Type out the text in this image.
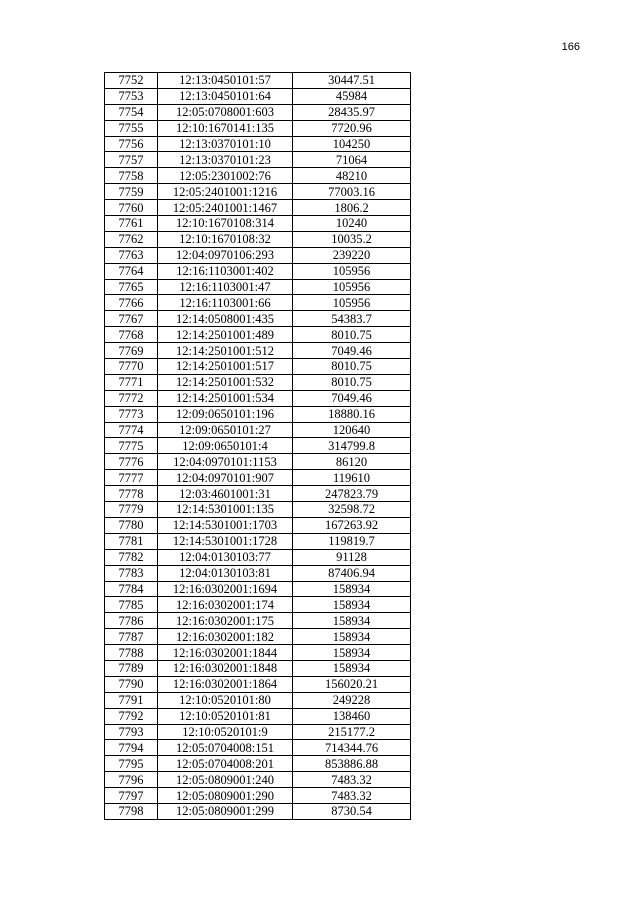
166
7752	12:13:0450101:57	30447.51
7753	12:13:0450101:64	45984
7754	12:05:0708001:603	28435.97
7755	12:10:1670141:135	7720.96
7756	12:13:0370101:10	104250
7757	12:13:0370101:23	71064
7758	12:05:2301002:76	48210
7759	12:05:2401001:1216	77003.16
7760	12:05:2401001:1467	1806.2
7761	12:10:1670108:314	10240
7762	12:10:1670108:32	10035.2
7763	12:04:0970106:293	239220
7764	12:16:1103001:402	105956
7765	12:16:1103001:47	105956
7766	12:16:1103001:66	105956
7767	12:14:0508001:435	54383.7
7768	12:14:2501001:489	8010.75
7769	12:14:2501001:512	7049.46
7770	12:14:2501001:517	8010.75
7771	12:14:2501001:532	8010.75
7772	12:14:2501001:534	7049.46
7773	12:09:0650101:196	18880.16
7774	12:09:0650101:27	120640
7775	12:09:0650101:4	314799.8
7776	12:04:0970101:1153	86120
7777	12:04:0970101:907	119610
7778	12:03:4601001:31	247823.79
7779	12:14:5301001:135	32598.72
7780	12:14:5301001:1703	167263.92
7781	12:14:5301001:1728	119819.7
7782	12:04:0130103:77	91128
7783	12:04:0130103:81	87406.94
7784	12:16:0302001:1694	158934
7785	12:16:0302001:174	158934
7786	12:16:0302001:175	158934
7787	12:16:0302001:182	158934
7788	12:16:0302001:1844	158934
7789	12:16:0302001:1848	158934
7790	12:16:0302001:1864	156020.21
7791	12:10:0520101:80	249228
7792	12:10:0520101:81	138460
7793	12:10:0520101:9	215177.2
7794	12:05:0704008:151	714344.76
7795	12:05:0704008:201	853886.88
7796	12:05:0809001:240	7483.32
7797	12:05:0809001:290	7483.32
7798	12:05:0809001:299	8730.54
